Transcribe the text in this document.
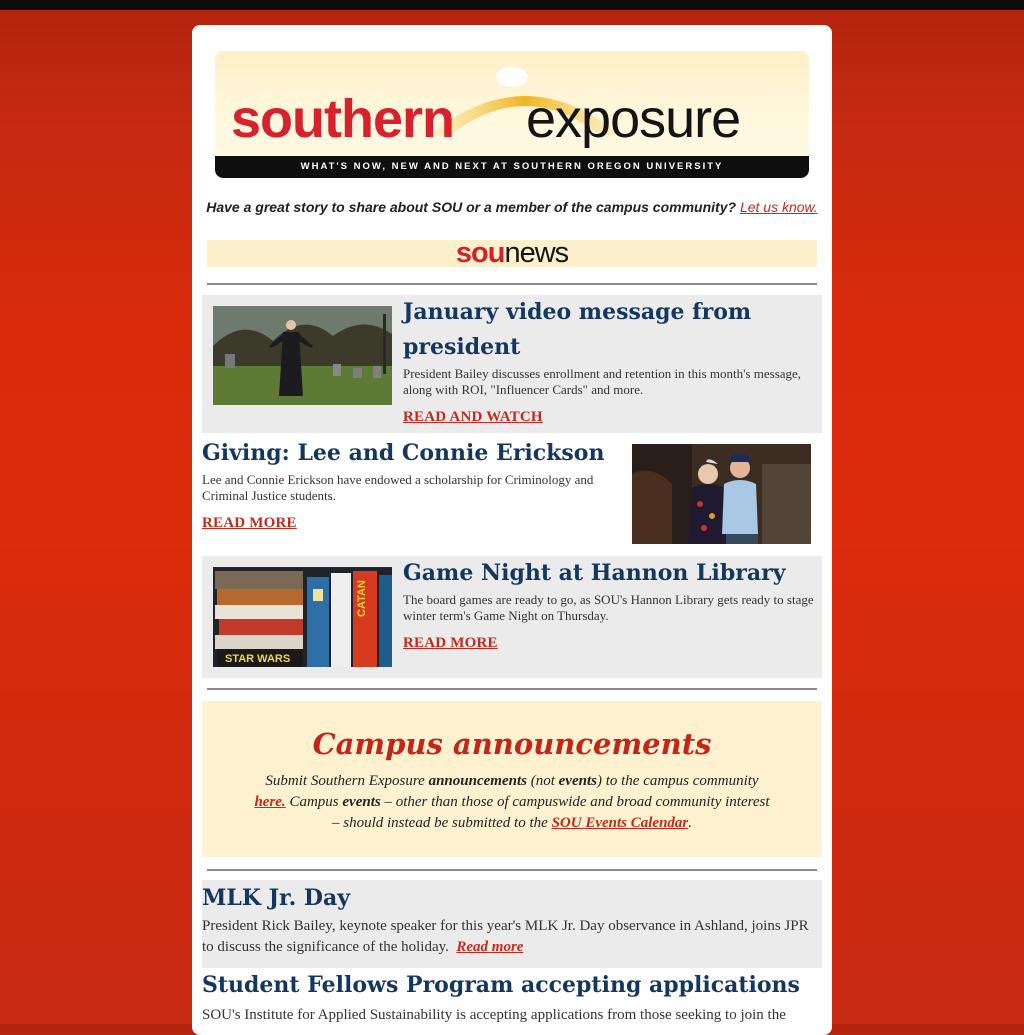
southern exposure
WHAT'S NOW, NEW AND NEXT AT SOUTHERN OREGON UNIVERSITY
Have a great story to share about SOU or a member of the campus community? Let us know.
sounews
January video message from president
President Bailey discusses enrollment and retention in this month's message, along with ROI, "Influencer Cards" and more.
READ AND WATCH
Giving: Lee and Connie Erickson
Lee and Connie Erickson have endowed a scholarship for Criminology and Criminal Justice students.
READ MORE
STAR WARS
CATAN
Game Night at Hannon Library
The board games are ready to go, as SOU's Hannon Library gets ready to stage winter term's Game Night on Thursday.
READ MORE
Campus announcements
Submit Southern Exposure announcements (not events) to the campus community here. Campus events – other than those of campuswide and broad community interest – should instead be submitted to the SOU Events Calendar.
MLK Jr. Day
President Rick Bailey, keynote speaker for this year's MLK Jr. Day observance in Ashland, joins JPR to discuss the significance of the holiday. Read more
Student Fellows Program accepting applications
SOU's Institute for Applied Sustainability is accepting applications from those seeking to join the
